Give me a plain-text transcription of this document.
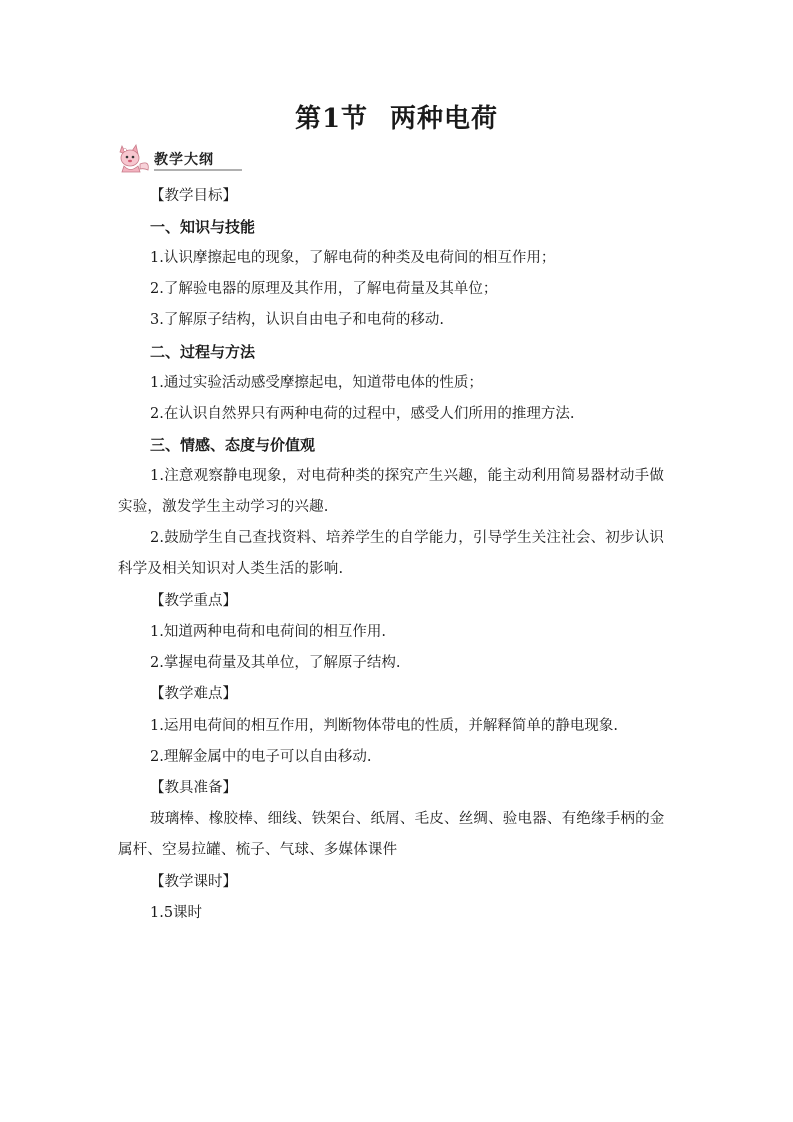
第1节 两种电荷
教学大纲
【教学目标】
一、知识与技能
1.认识摩擦起电的现象，了解电荷的种类及电荷间的相互作用；
2.了解验电器的原理及其作用，了解电荷量及其单位；
3.了解原子结构，认识自由电子和电荷的移动.
二、过程与方法
1.通过实验活动感受摩擦起电，知道带电体的性质；
2.在认识自然界只有两种电荷的过程中，感受人们所用的推理方法.
三、情感、态度与价值观
1.注意观察静电现象，对电荷种类的探究产生兴趣，能主动利用简易器材动手做实验，激发学生主动学习的兴趣.
2.鼓励学生自己查找资料、培养学生的自学能力，引导学生关注社会、初步认识科学及相关知识对人类生活的影响.
【教学重点】
1.知道两种电荷和电荷间的相互作用.
2.掌握电荷量及其单位，了解原子结构.
【教学难点】
1.运用电荷间的相互作用，判断物体带电的性质，并解释简单的静电现象.
2.理解金属中的电子可以自由移动.
【教具准备】
玻璃棒、橡胶棒、细线、铁架台、纸屑、毛皮、丝绸、验电器、有绝缘手柄的金属杆、空易拉罐、梳子、气球、多媒体课件
【教学课时】
1.5课时
